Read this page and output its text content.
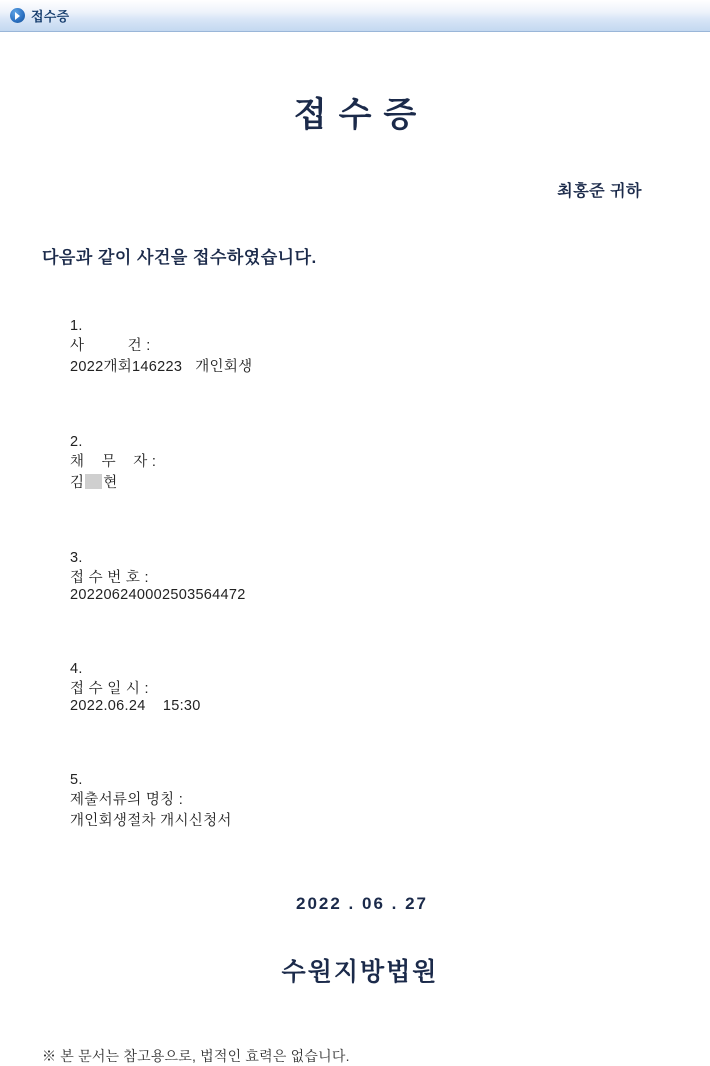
접수증
접수증
최홍준 귀하
다음과 같이 사건을 접수하였습니다.

1.
사          건 :
2022개회146223   개인회생

2.
채    무    자 :
김 현

3.
접 수 번 호 :
202206240002503564472

4.
접 수 일 시 :
2022.06.24    15:30

5.
제출서류의 명칭 :
개인회생절차 개시신청서

2022 . 06 . 27
수원지방법원
※ 본 문서는 참고용으로, 법적인 효력은 없습니다.
